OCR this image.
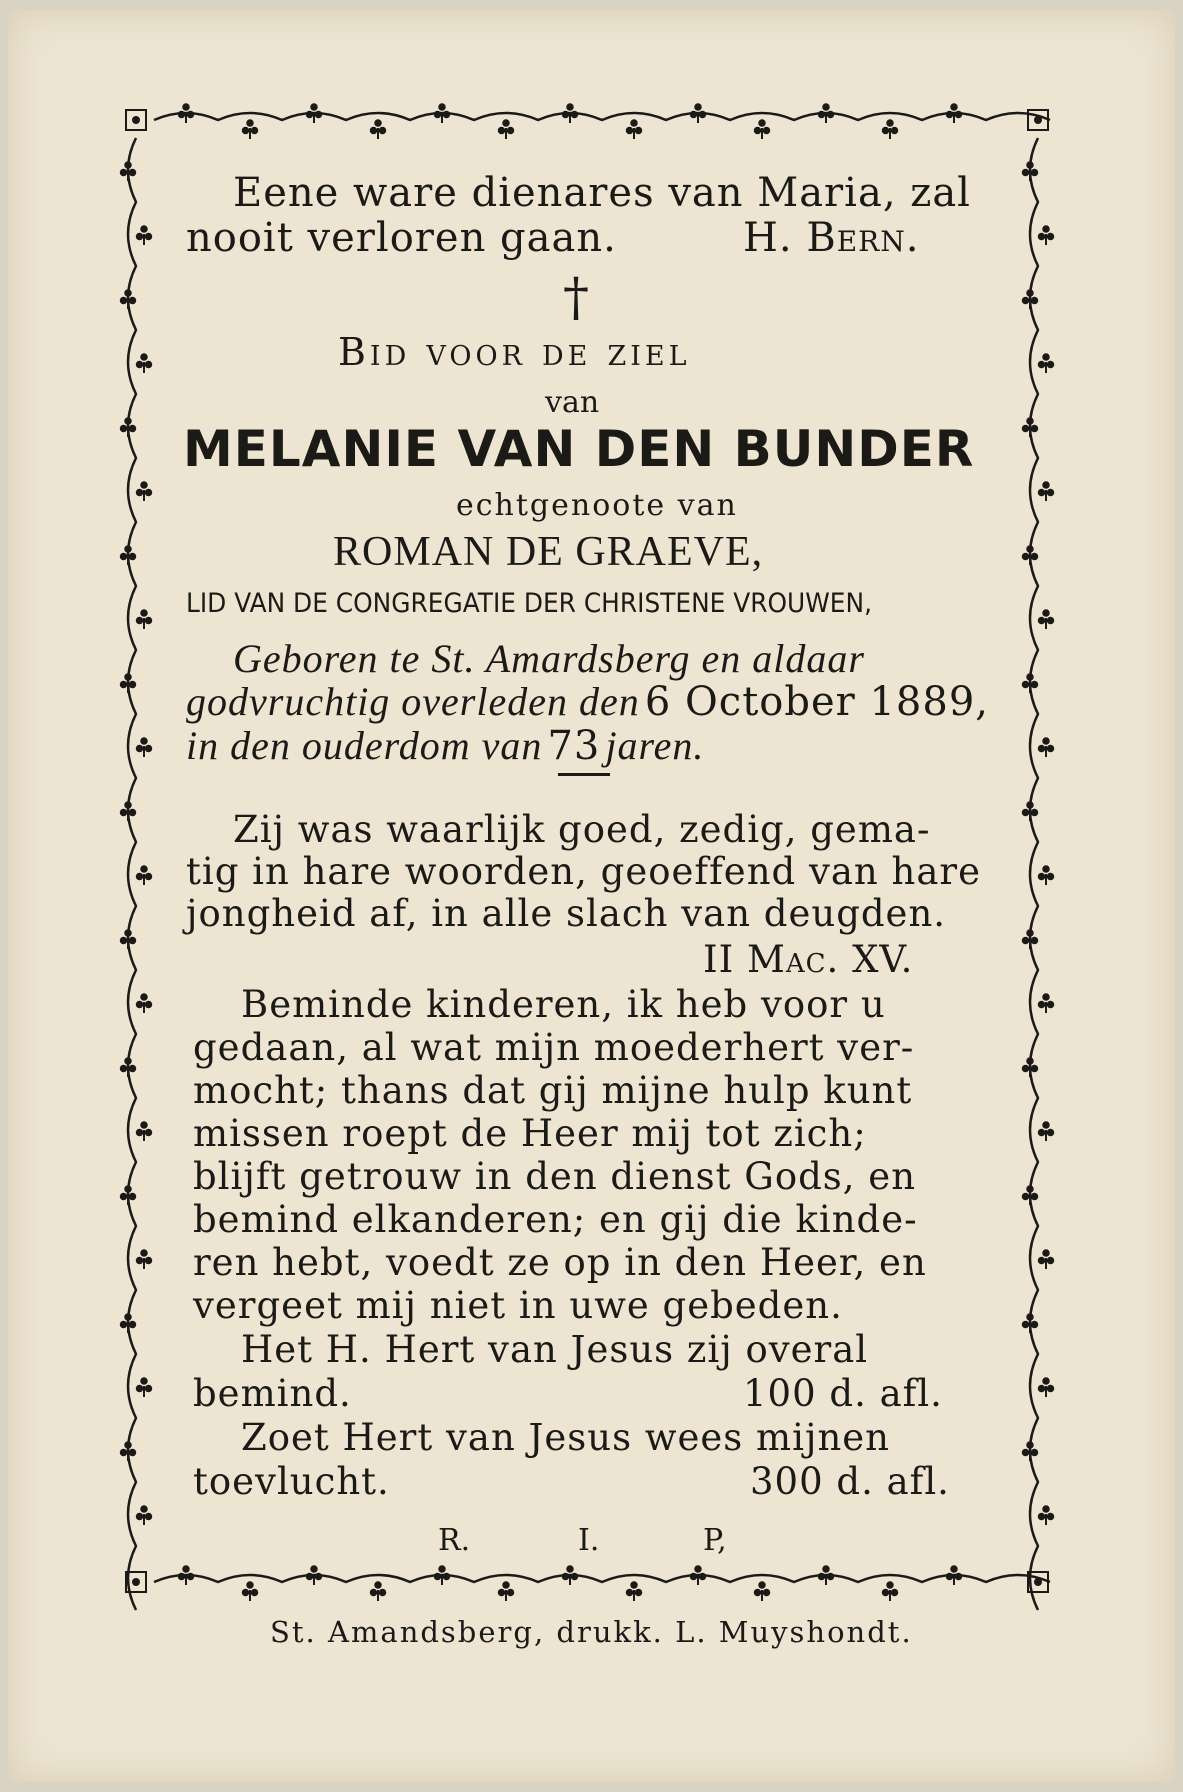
Eene ware dienares van Maria, zal
nooit verloren gaan.	H. Bern.
†
Bid voor de ziel
van
MELANIE VAN DEN BUNDER
echtgenoote van
ROMAN DE GRAEVE,
LID VAN DE CONGREGATIE DER CHRISTENE VROUWEN,
Geboren te St. Amardsberg en aldaar
godvruchtig overleden den 6 October 1889,
in den ouderdom van 73 jaren.
Zij was waarlijk goed, zedig, gema-
tig in hare woorden, geoeffend van hare
jongheid af, in alle slach van deugden.
II Mac. XV.
Beminde kinderen, ik heb voor u
gedaan, al wat mijn moederhert ver-
mocht; thans dat gij mijne hulp kunt
missen roept de Heer mij tot zich;
blijft getrouw in den dienst Gods, en
bemind elkanderen; en gij die kinde-
ren hebt, voedt ze op in den Heer, en
vergeet mij niet in uwe gebeden.
Het H. Hert van Jesus zij overal
bemind.	100 d. afl.
Zoet Hert van Jesus wees mijnen
toevlucht.	300 d. afl.
R.	I.	P,
St. Amandsberg, drukk. L. Muyshondt.
